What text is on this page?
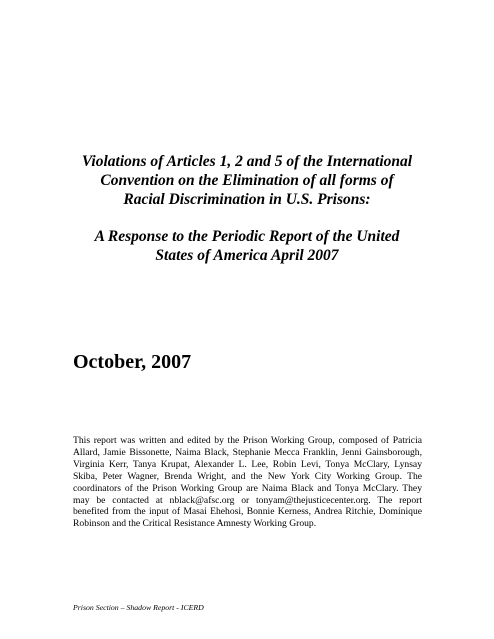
Violations of Articles 1, 2 and 5 of the International
Convention on the Elimination of all forms of
Racial Discrimination in U.S. Prisons:
A Response to the Periodic Report of the United
States of America April 2007
October, 2007
This report was written and edited by the Prison Working Group, composed of Patricia
Allard, Jamie Bissonette, Naima Black, Stephanie Mecca Franklin, Jenni Gainsborough,
Virginia Kerr, Tanya Krupat, Alexander L. Lee, Robin Levi, Tonya McClary, Lynsay
Skiba, Peter Wagner, Brenda Wright, and the New York City Working Group. The
coordinators of the Prison Working Group are Naima Black and Tonya McClary. They
may be contacted at nblack@afsc.org or tonyam@thejusticecenter.org. The report
benefited from the input of Masai Ehehosi, Bonnie Kerness, Andrea Ritchie, Dominique
Robinson and the Critical Resistance Amnesty Working Group.
Prison Section – Shadow Report - ICERD
